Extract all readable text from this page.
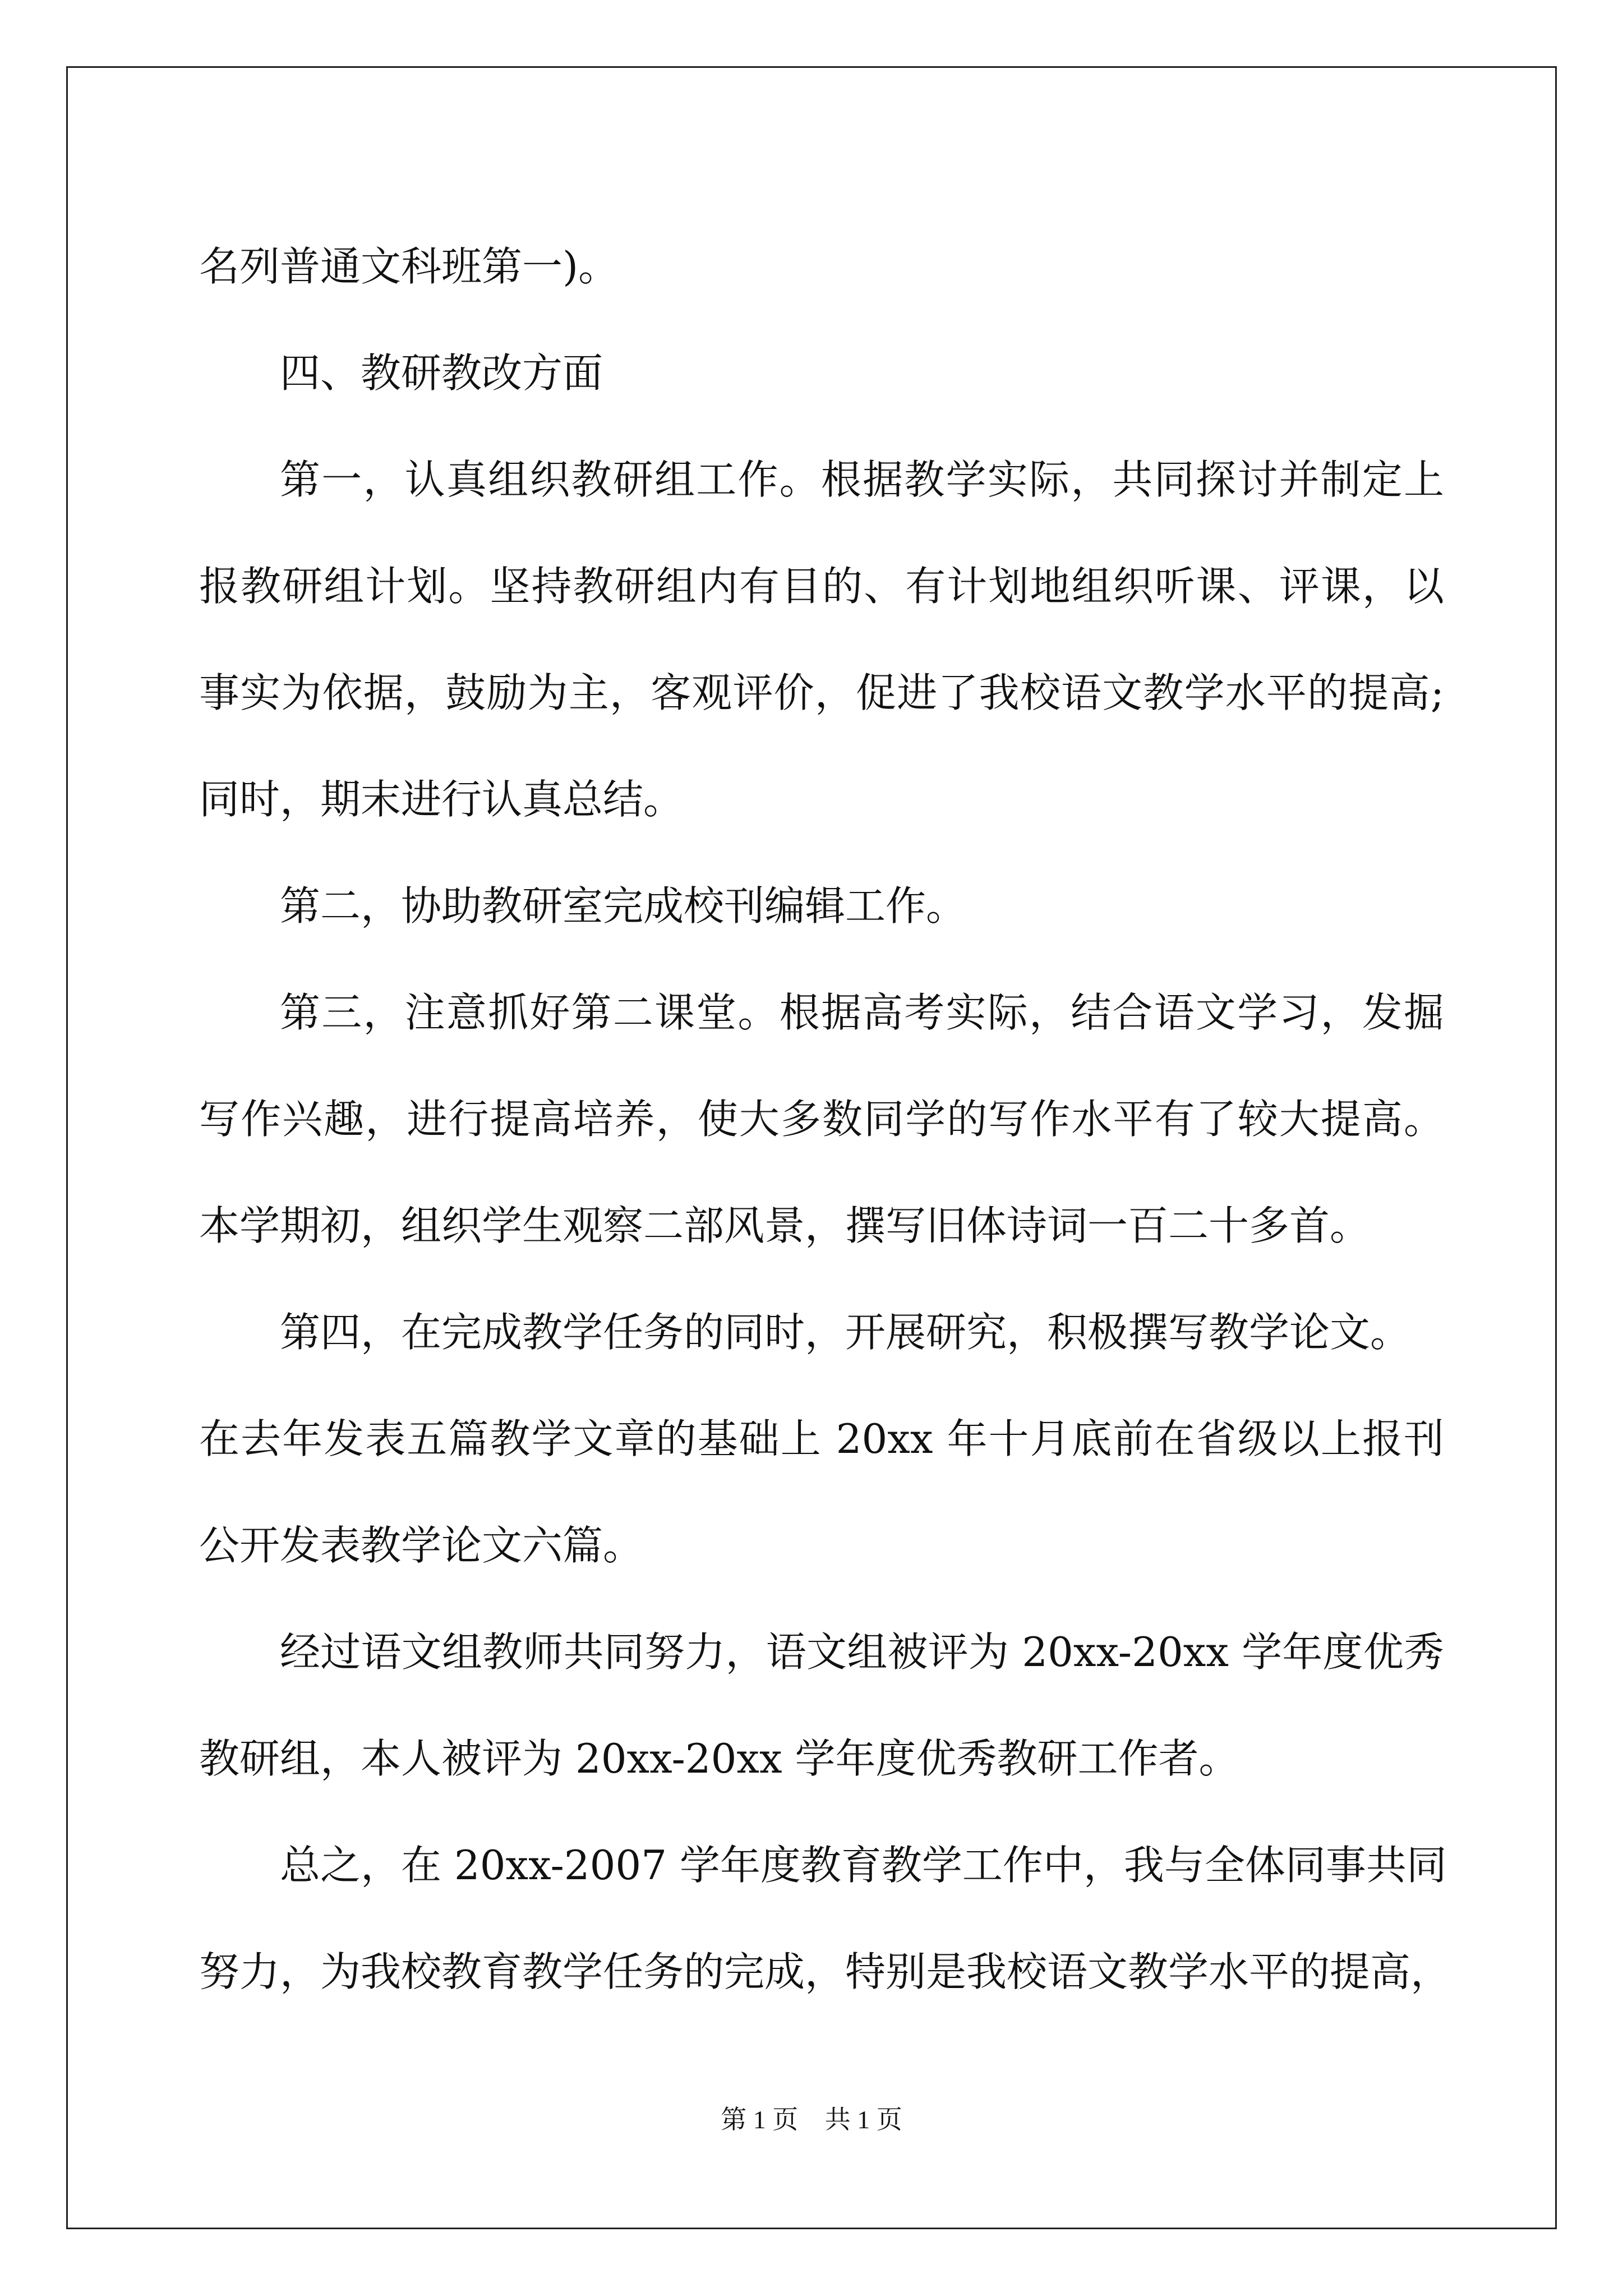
名列普通文科班第一)。
四、教研教改方面
第一，认真组织教研组工作。根据教学实际，共同探讨并制定上
报教研组计划。坚持教研组内有目的、有计划地组织听课、评课，以
事实为依据，鼓励为主，客观评价，促进了我校语文教学水平的提高;
同时，期末进行认真总结。
第二，协助教研室完成校刊编辑工作。
第三，注意抓好第二课堂。根据高考实际，结合语文学习，发掘
写作兴趣，进行提高培养，使大多数同学的写作水平有了较大提高。
本学期初，组织学生观察二部风景，撰写旧体诗词一百二十多首。
第四，在完成教学任务的同时，开展研究，积极撰写教学论文。
在去年发表五篇教学文章的基础上 20xx 年十月底前在省级以上报刊
公开发表教学论文六篇。
经过语文组教师共同努力，语文组被评为 20xx-20xx 学年度优秀
教研组，本人被评为 20xx-20xx 学年度优秀教研工作者。
总之，在 20xx-2007 学年度教育教学工作中，我与全体同事共同
努力，为我校教育教学任务的完成，特别是我校语文教学水平的提高，
第 1 页 共 1 页
